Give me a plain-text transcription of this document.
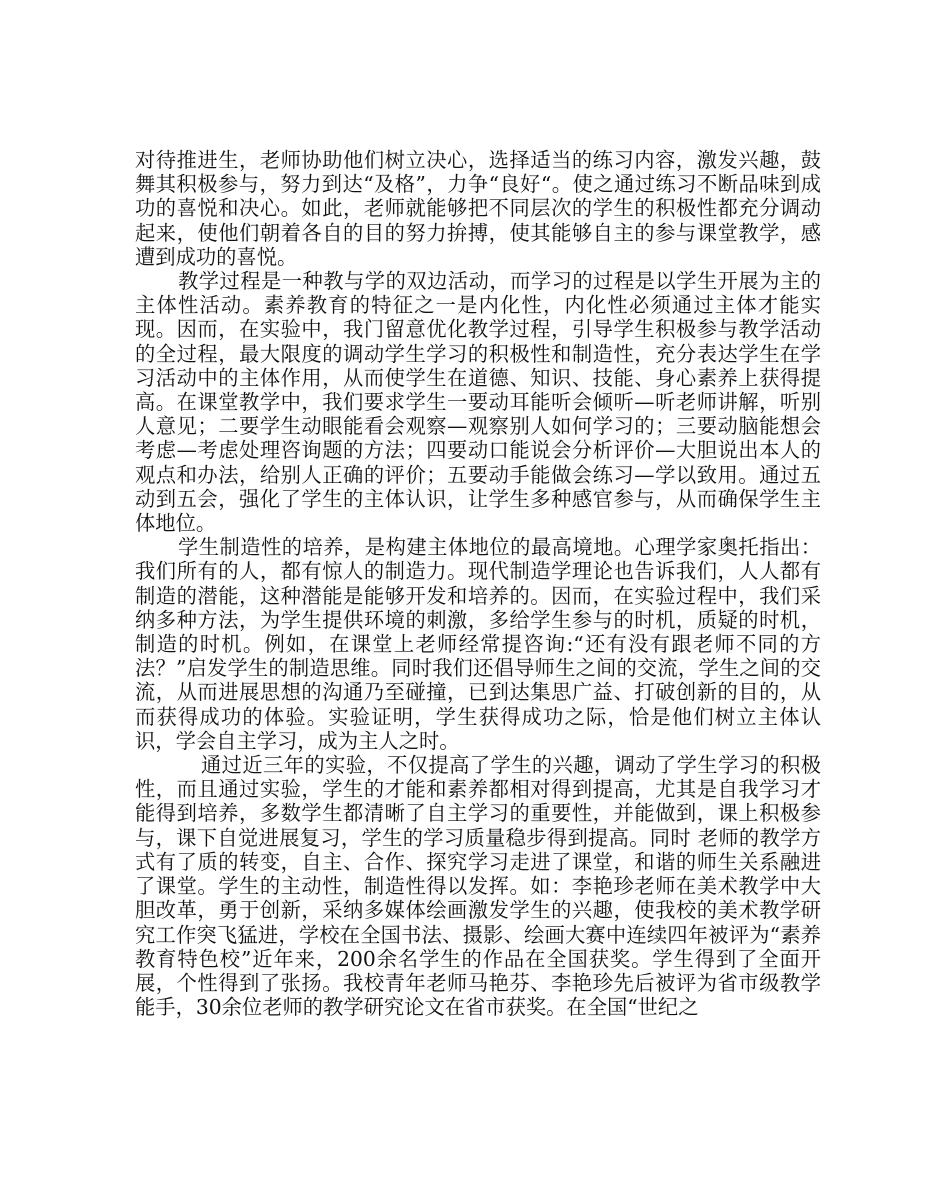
对待推进生，老师协助他们树立决心，选择适当的练习内容，激发兴趣，鼓舞其积极参与，努力到达“及格”，力争“良好“。使之通过练习不断品味到成功的喜悦和决心。如此，老师就能够把不同层次的学生的积极性都充分调动起来，使他们朝着各自的目的努力拚搏，使其能够自主的参与课堂教学，感遭到成功的喜悦。

教学过程是一种教与学的双边活动，而学习的过程是以学生开展为主的主体性活动。素养教育的特征之一是内化性，内化性必须通过主体才能实现。因而，在实验中，我门留意优化教学过程，引导学生积极参与教学活动的全过程，最大限度的调动学生学习的积极性和制造性，充分表达学生在学习活动中的主体作用，从而使学生在道德、知识、技能、身心素养上获得提高。在课堂教学中，我们要求学生一要动耳能听会倾听—听老师讲解，听别人意见；二要学生动眼能看会观察—观察别人如何学习的；三要动脑能想会考虑—考虑处理咨询题的方法；四要动口能说会分析评价—大胆说出本人的观点和办法，给别人正确的评价；五要动手能做会练习—学以致用。通过五动到五会，强化了学生的主体认识，让学生多种感官参与，从而确保学生主体地位。

学生制造性的培养，是构建主体地位的最高境地。心理学家奥托指出：我们所有的人，都有惊人的制造力。现代制造学理论也告诉我们，人人都有制造的潜能，这种潜能是能够开发和培养的。因而，在实验过程中，我们采纳多种方法，为学生提供环境的刺激，多给学生参与的时机，质疑的时机，制造的时机。例如，在课堂上老师经常提咨询:“还有没有跟老师不同的方法？”启发学生的制造思维。同时我们还倡导师生之间的交流，学生之间的交流，从而进展思想的沟通乃至碰撞，已到达集思广益、打破创新的目的，从而获得成功的体验。实验证明，学生获得成功之际，恰是他们树立主体认识，学会自主学习，成为主人之时。

通过近三年的实验，不仅提高了学生的兴趣，调动了学生学习的积极性，而且通过实验，学生的才能和素养都相对得到提高，尤其是自我学习才能得到培养，多数学生都清晰了自主学习的重要性，并能做到，课上积极参与，课下自觉进展复习，学生的学习质量稳步得到提高。同时 老师的教学方式有了质的转变，自主、合作、探究学习走进了课堂，和谐的师生关系融进了课堂。学生的主动性，制造性得以发挥。如：李艳珍老师在美术教学中大胆改革，勇于创新，采纳多媒体绘画激发学生的兴趣，使我校的美术教学研究工作突飞猛进，学校在全国书法、摄影、绘画大赛中连续四年被评为“素养教育特色校”近年来，200余名学生的作品在全国获奖。学生得到了全面开展，个性得到了张扬。我校青年老师马艳芬、李艳珍先后被评为省市级教学能手，30余位老师的教学研究论文在省市获奖。在全国“世纪之
